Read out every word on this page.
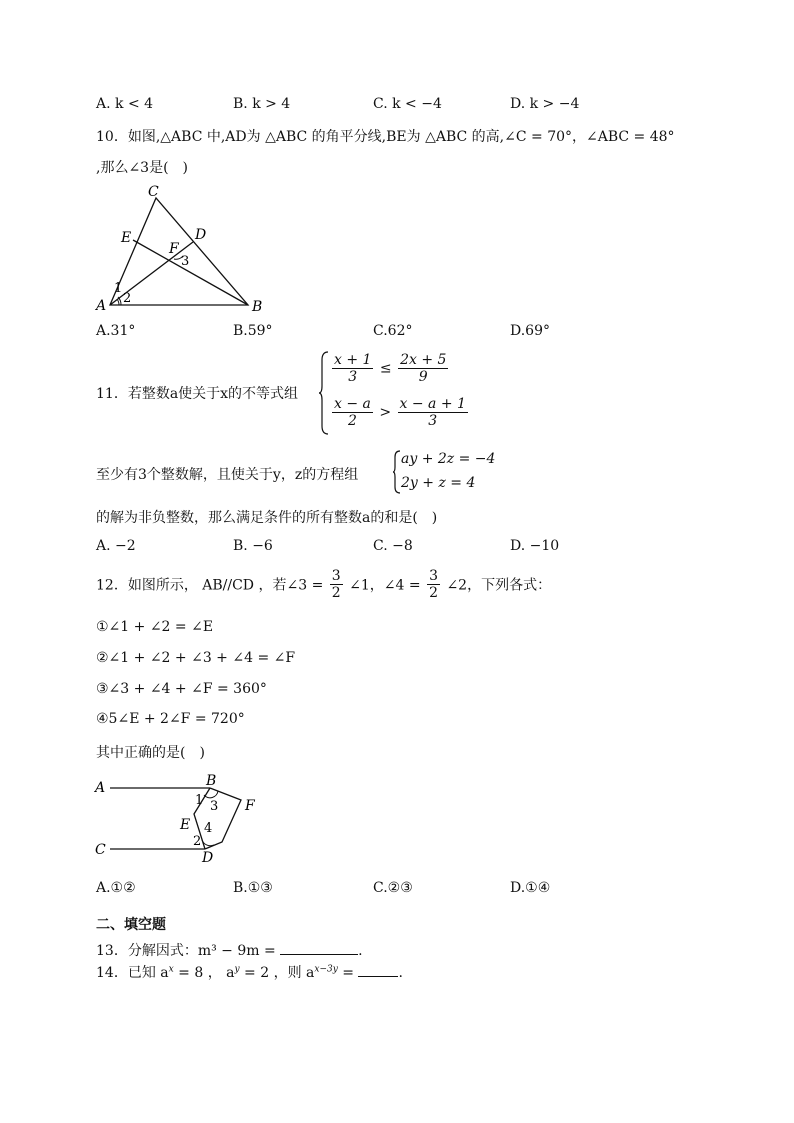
A. k < 4	B. k > 4	C. k < −4	D. k > −4
10．如图,△ABC 中,AD为 △ABC 的角平分线,BE为 △ABC 的高,∠C = 70°，∠ABC = 48°
,那么∠3是(　)
C
E	D
F
3
1
2
A	B
A.31°	B.59°	C.62°	D.69°
11．若整数a使关于x的不等式组
$\frac{x + 1}{3} \le \frac{2x + 5}{9}$
$\frac{x - a}{2} > \frac{x - a + 1}{3}$
至少有3个整数解，且使关于y，z的方程组
ay + 2z = −4
2y + z = 4
的解为非负整数，那么满足条件的所有整数a的和是(　)
A. −2	B. −6	C. −8	D. −10
12．如图所示， AB//CD ，若∠3 = $\frac{3}{2}$ ∠1，∠4 = $\frac{3}{2}$ ∠2，下列各式：
①∠1 + ∠2 = ∠E
②∠1 + ∠2 + ∠3 + ∠4 = ∠F
③∠3 + ∠4 + ∠F = 360°
④5∠E + 2∠F = 720°
其中正确的是(　)
A	B
1 3 F
E 4
2
C	D
A.①②	B.①③	C.②③	D.①④
二、填空题
13．分解因式：m³ − 9m =	.
14．已知 $a^x = 8$ ， $a^y = 2$ ，则 $a^{x-3y}$ =	.
